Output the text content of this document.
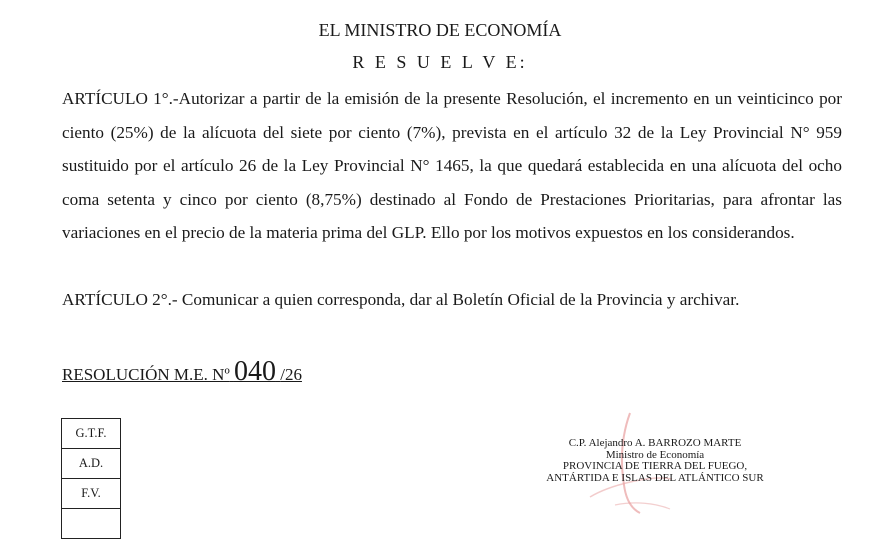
EL MINISTRO DE ECONOMÍA
R E S U E L V E:
ARTÍCULO 1°.-Autorizar a partir de la emisión de la presente Resolución, el incremento en un veinticinco por ciento (25%) de la alícuota del siete por ciento (7%), prevista en el artículo 32 de la Ley Provincial N° 959 sustituido por el artículo 26 de la Ley Provincial N° 1465, la que quedará establecida en una alícuota del ocho coma setenta y cinco por ciento (8,75%) destinado al Fondo de Prestaciones Prioritarias, para afrontar las variaciones en el precio de la materia prima del GLP. Ello por los motivos expuestos en los considerandos.
ARTÍCULO 2°.- Comunicar a quien corresponda, dar al Boletín Oficial de la Provincia y archivar.
RESOLUCIÓN M.E. Nº 040 /26
G.T.F.
A.D.
F.V.

C.P. Alejandro A. BARROZO MARTE
Ministro de Economía
PROVINCIA DE TIERRA DEL FUEGO,
ANTÁRTIDA E ISLAS DEL ATLÁNTICO SUR
